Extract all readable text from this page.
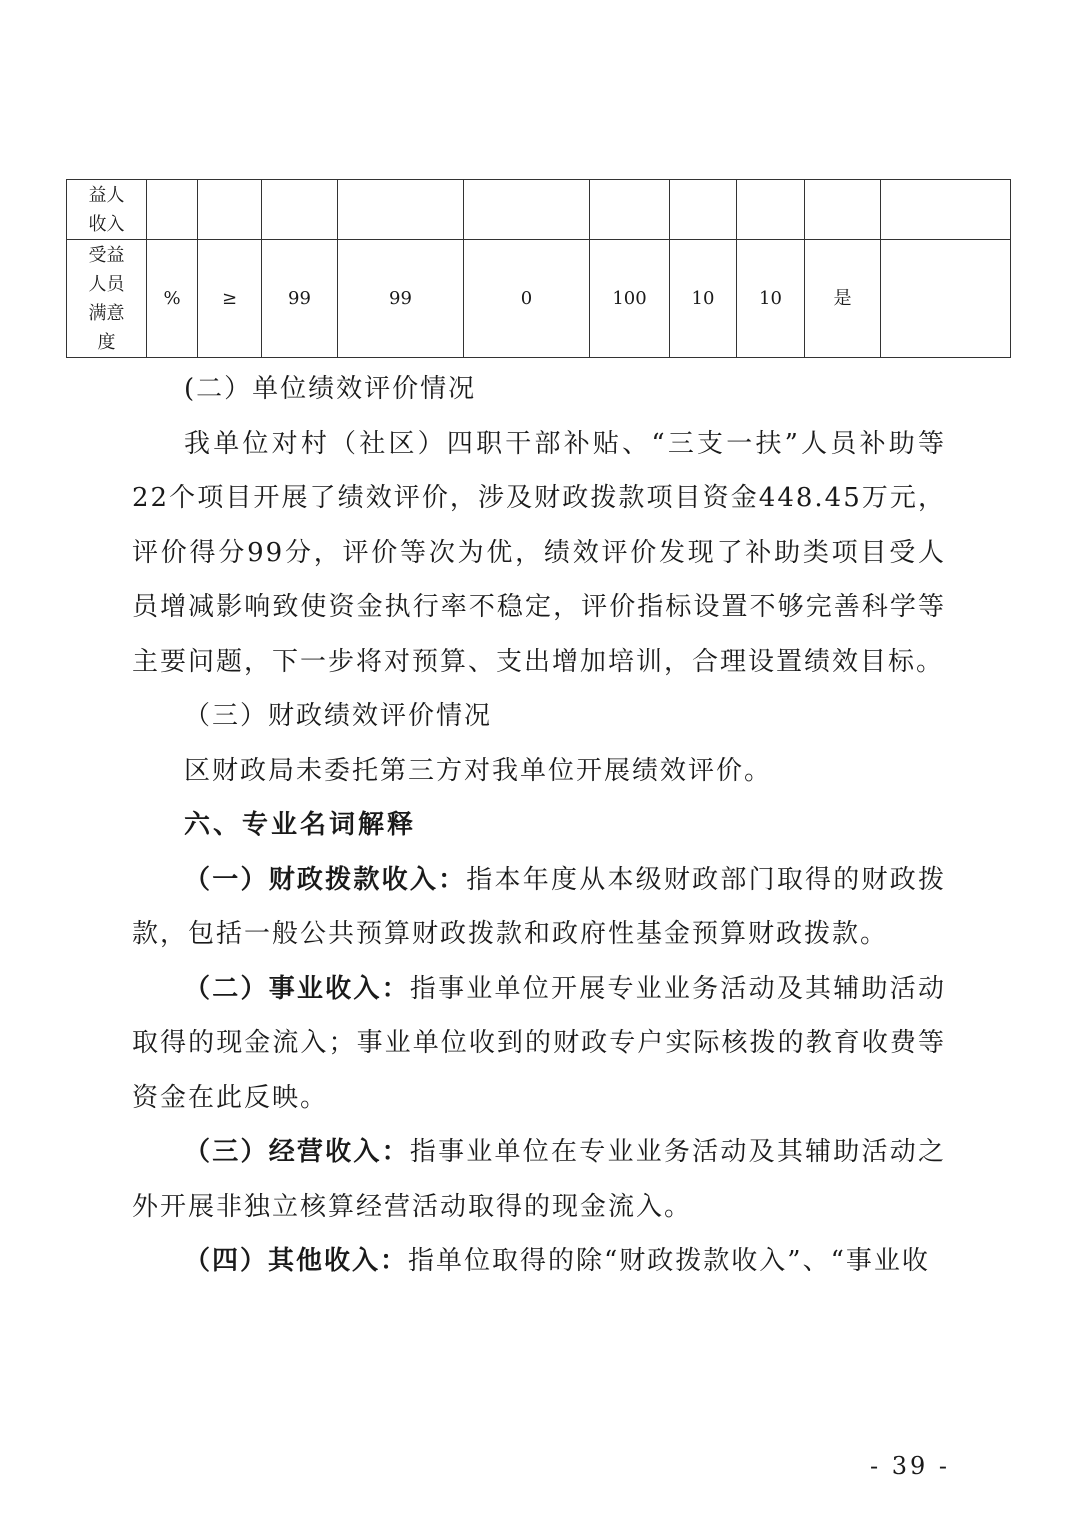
益人收入										
受益人员满意度	%	≥	99	99	0	100	10	10	是	

(二）单位绩效评价情况

我单位对村（社区）四职干部补贴、“三支一扶”人员补助等22个项目开展了绩效评价，涉及财政拨款项目资金448.45万元，评价得分99分，评价等次为优，绩效评价发现了补助类项目受人员增减影响致使资金执行率不稳定，评价指标设置不够完善科学等主要问题，下一步将对预算、支出增加培训，合理设置绩效目标。

（三）财政绩效评价情况

区财政局未委托第三方对我单位开展绩效评价。

六、专业名词解释

（一）财政拨款收入：指本年度从本级财政部门取得的财政拨款，包括一般公共预算财政拨款和政府性基金预算财政拨款。

（二）事业收入：指事业单位开展专业业务活动及其辅助活动取得的现金流入；事业单位收到的财政专户实际核拨的教育收费等资金在此反映。

（三）经营收入：指事业单位在专业业务活动及其辅助活动之外开展非独立核算经营活动取得的现金流入。

（四）其他收入：指单位取得的除“财政拨款收入”、“事业收

- 39 -
